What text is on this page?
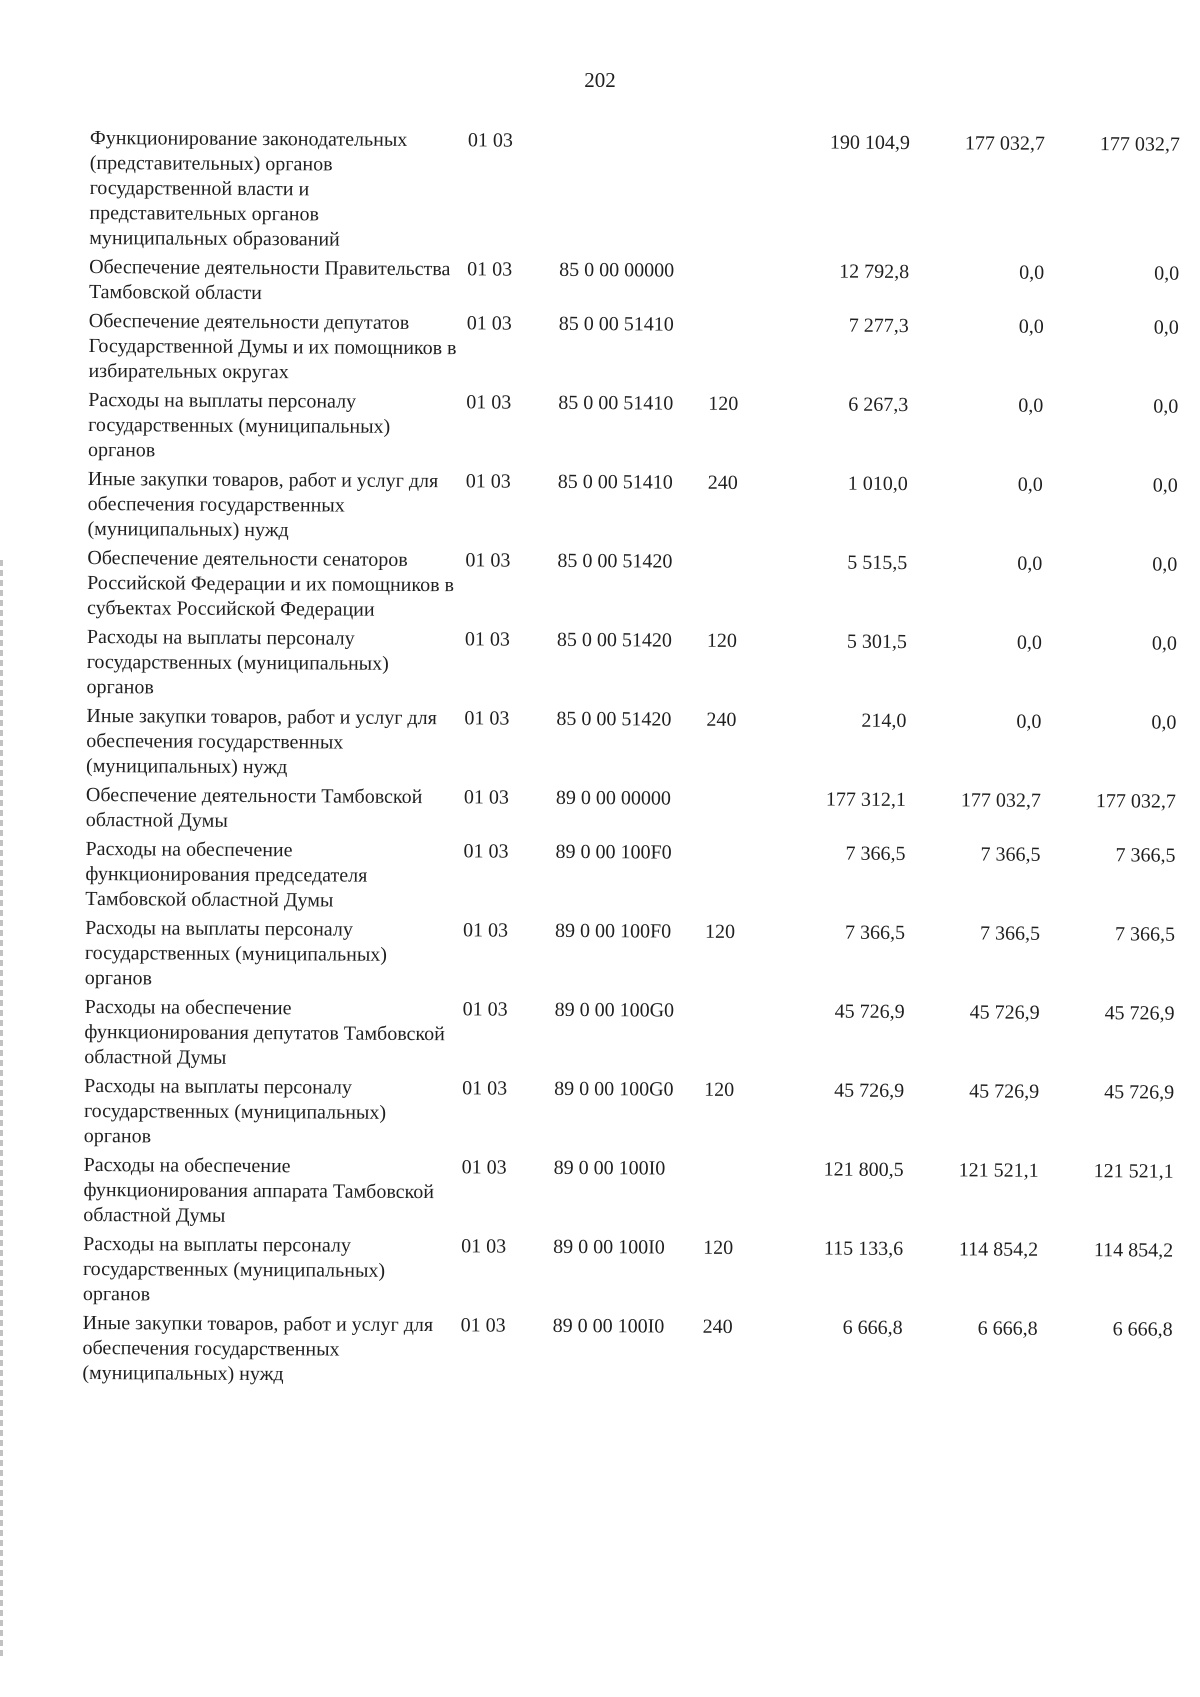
202
Функционирование законодательных (представительных) органов государственной власти и представительных органов муниципальных образований	01 03			190 104,9	177 032,7	177 032,7
Обеспечение деятельности Правительства Тамбовской области	01 03	85 0 00 00000		12 792,8	0,0	0,0
Обеспечение деятельности депутатов Государственной Думы и их помощников в избирательных округах	01 03	85 0 00 51410		7 277,3	0,0	0,0
Расходы на выплаты персоналу государственных (муниципальных) органов	01 03	85 0 00 51410	120	6 267,3	0,0	0,0
Иные закупки товаров, работ и услуг для обеспечения государственных (муниципальных) нужд	01 03	85 0 00 51410	240	1 010,0	0,0	0,0
Обеспечение деятельности сенаторов Российской Федерации и их помощников в субъектах Российской Федерации	01 03	85 0 00 51420		5 515,5	0,0	0,0
Расходы на выплаты персоналу государственных (муниципальных) органов	01 03	85 0 00 51420	120	5 301,5	0,0	0,0
Иные закупки товаров, работ и услуг для обеспечения государственных (муниципальных) нужд	01 03	85 0 00 51420	240	214,0	0,0	0,0
Обеспечение деятельности Тамбовской областной Думы	01 03	89 0 00 00000		177 312,1	177 032,7	177 032,7
Расходы на обеспечение функционирования председателя Тамбовской областной Думы	01 03	89 0 00 100F0		7 366,5	7 366,5	7 366,5
Расходы на выплаты персоналу государственных (муниципальных) органов	01 03	89 0 00 100F0	120	7 366,5	7 366,5	7 366,5
Расходы на обеспечение функционирования депутатов Тамбовской областной Думы	01 03	89 0 00 100G0		45 726,9	45 726,9	45 726,9
Расходы на выплаты персоналу государственных (муниципальных) органов	01 03	89 0 00 100G0	120	45 726,9	45 726,9	45 726,9
Расходы на обеспечение функционирования аппарата Тамбовской областной Думы	01 03	89 0 00 100I0		121 800,5	121 521,1	121 521,1
Расходы на выплаты персоналу государственных (муниципальных) органов	01 03	89 0 00 100I0	120	115 133,6	114 854,2	114 854,2
Иные закупки товаров, работ и услуг для обеспечения государственных (муниципальных) нужд	01 03	89 0 00 100I0	240	6 666,8	6 666,8	6 666,8
